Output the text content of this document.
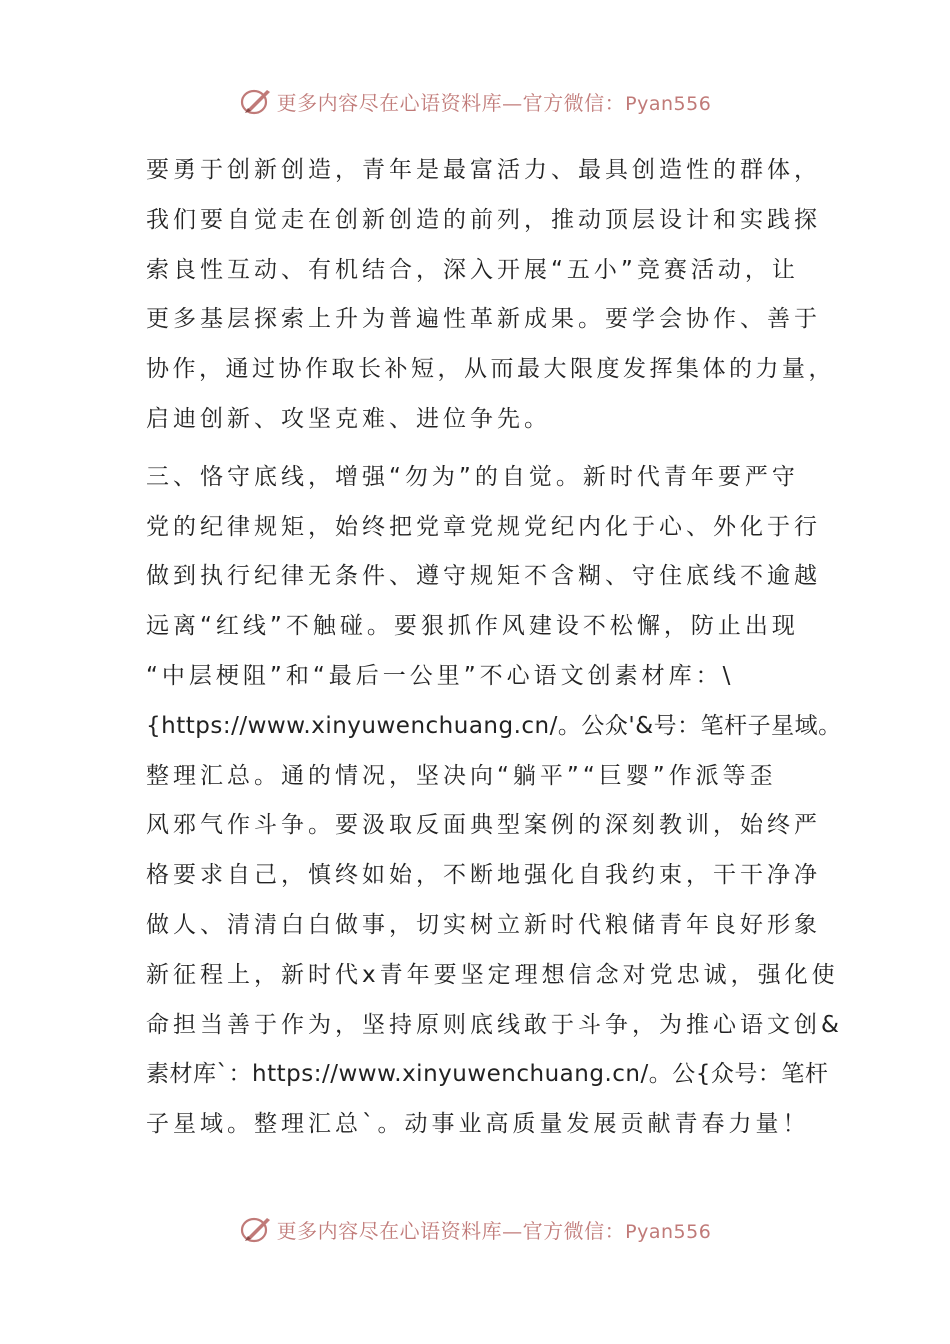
更多内容尽在心语资料库—官方微信：Pyan556
要勇于创新创造，青年是最富活力、最具创造性的群体，
我们要自觉走在创新创造的前列，推动顶层设计和实践探
索良性互动、有机结合，深入开展“五小”竞赛活动，让
更多基层探索上升为普遍性革新成果。要学会协作、善于
协作，通过协作取长补短，从而最大限度发挥集体的力量，
启迪创新、攻坚克难、进位争先。
三、恪守底线，增强“勿为”的自觉。新时代青年要严守
党的纪律规矩，始终把党章党规党纪内化于心、外化于行
做到执行纪律无条件、遵守规矩不含糊、守住底线不逾越
远离“红线”不触碰。要狠抓作风建设不松懈，防止出现
“中层梗阻”和“最后一公里”不心语文创素材库：\
{https://www.xinyuwenchuang.cn/。公众'&号：笔杆子星域。
整理汇总。通的情况，坚决向“躺平”“巨婴”作派等歪
风邪气作斗争。要汲取反面典型案例的深刻教训，始终严
格要求自己，慎终如始，不断地强化自我约束，干干净净
做人、清清白白做事，切实树立新时代粮储青年良好形象
新征程上，新时代x青年要坚定理想信念对党忠诚，强化使
命担当善于作为，坚持原则底线敢于斗争，为推心语文创&
素材库`：https://www.xinyuwenchuang.cn/。公{众号：笔杆
子星域。整理汇总`。动事业高质量发展贡献青春力量！
更多内容尽在心语资料库—官方微信：Pyan556
